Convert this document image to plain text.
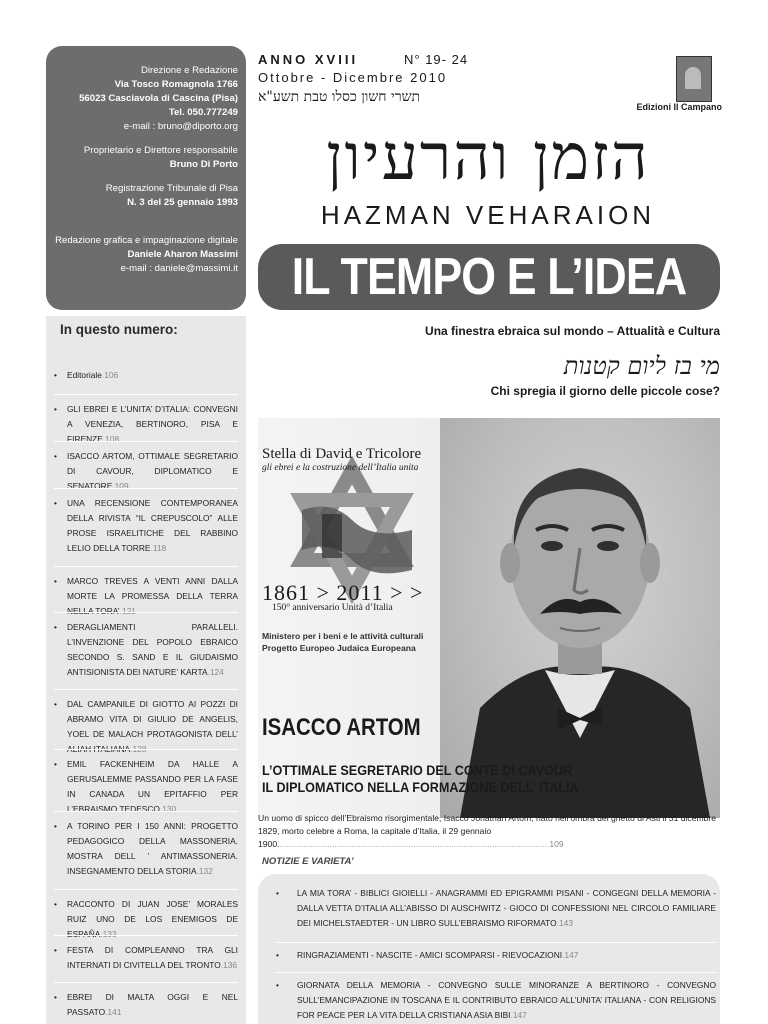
Direzione e Redazione
Via Tosco Romagnola 1766
56023 Casciavola di Cascina (Pisa)
Tel. 050.777249
e-mail : bruno@diporto.org
Proprietario e Direttore responsabile
Bruno Di Porto
Registrazione Tribunale di Pisa
N. 3 del 25 gennaio 1993
Redazione grafica e impaginazione digitale
Daniele Aharon Massimi
e-mail : daniele@massimi.it
In questo numero:
• Editoriale.106
• GLI EBREI E L’UNITA’ D’ITALIA: CONVEGNI A VENEZIA, BERTINORO, PISA E FIRENZE.108
• ISACCO ARTOM, OTTIMALE SEGRETARIO DI CAVOUR, DIPLOMATICO E SENATORE.109
• UNA RECENSIONE CONTEMPORANEA DELLA RIVISTA “IL CREPUSCOLO” ALLE PROSE ISRAELITICHE DEL RABBINO LELIO DELLA TORRE.118
• MARCO TREVES A VENTI ANNI DALLA MORTE LA PROMESSA DELLA TERRA NELLA TORA’.121
• DERAGLIAMENTI PARALLELI. L’INVENZIONE DEL POPOLO EBRAICO SECONDO S. SAND E IL GIUDAISMO ANTISIONISTA DEI NATURE’ KARTA.124
• DAL CAMPANILE DI GIOTTO AI POZZI DI ABRAMO VITA DI GIULIO DE ANGELIS, YOEL DE MALACH PROTAGONISTA DELL’ ALIAH ITALIANA.128
• EMIL FACKENHEIM DA HALLE A GERUSALEMME PASSANDO PER LA FASE IN CANADA UN EPITAFFIO PER L’EBRAISMO TEDESCO.130
• A TORINO PER I 150 ANNI: PROGETTO PEDAGOGICO DELLA MASSONERIA. MOSTRA DELL ’ ANTIMASSONERIA. INSEGNAMENTO DELLA STORIA.132
• RACCONTO DI JUAN JOSE’ MORALES RUIZ UNO DE LOS ENEMIGOS DE ESPAÑA.133
• FESTA DI COMPLEANNO TRA GLI INTERNATI DI CIVITELLA DEL TRONTO.136
• EBREI DI MALTA OGGI E NEL PASSATO.141
ANNO XVIII	N° 19- 24
Ottobre - Dicembre 2010
תשרי חשון כסלו טבת תשע"א
Edizioni Il Campano
הזמן והרעיון
HAZMAN VEHARAION
IL TEMPO E L’IDEA
Una finestra ebraica sul mondo – Attualità e Cultura
מי בז ליום קטנות
Chi spregia il giorno delle piccole cose?
Stella di David e Tricolore
gli ebrei e la costruzione dell’Italia unita
1861 > 2011 > >
150° anniversario Unità d’Italia
Ministero per i beni e le attività culturali
Progetto Europeo Judaica Europeana
ISACCO ARTOM
L’OTTIMALE SEGRETARIO DEL CONTE DI CAVOUR
IL DIPLOMATICO NELLA FORMAZIONE DELL’ ITALIA
Un uomo di spicco dell’Ebraismo risorgimentale, Isacco Jonathan Artom, nato nell’ombra del ghetto di Asti il 31 dicembre 1829, morto celebre a Roma, la capitale d’Italia, il 29 gennaio 1900..................................................................................................................109
NOTIZIE E VARIETA’
• LA MIA TORA’ - BIBLICI GIOIELLI - ANAGRAMMI ED EPIGRAMMI PISANI - CONGEGNI DELLA MEMORIA - DALLA VETTA D’ITALIA ALL’ABISSO DI AUSCHWITZ - GIOCO DI CONFESSIONI NEL CIRCOLO FAMILIARE DEI MICHELSTAEDTER - UN LIBRO SULL’EBRAISMO RIFORMATO.143
• RINGRAZIAMENTI - NASCITE - AMICI SCOMPARSI - RIEVOCAZIONI.147
• GIORNATA DELLA MEMORIA - CONVEGNO SULLE MINORANZE A BERTINORO - CONVEGNO SULL’EMANCIPAZIONE IN TOSCANA E IL CONTRIBUTO EBRAICO ALL’UNITA’ ITALIANA - CON RELIGIONS FOR PEACE PER LA VITA DELLA CRISTIANA ASIA BIBI.147
